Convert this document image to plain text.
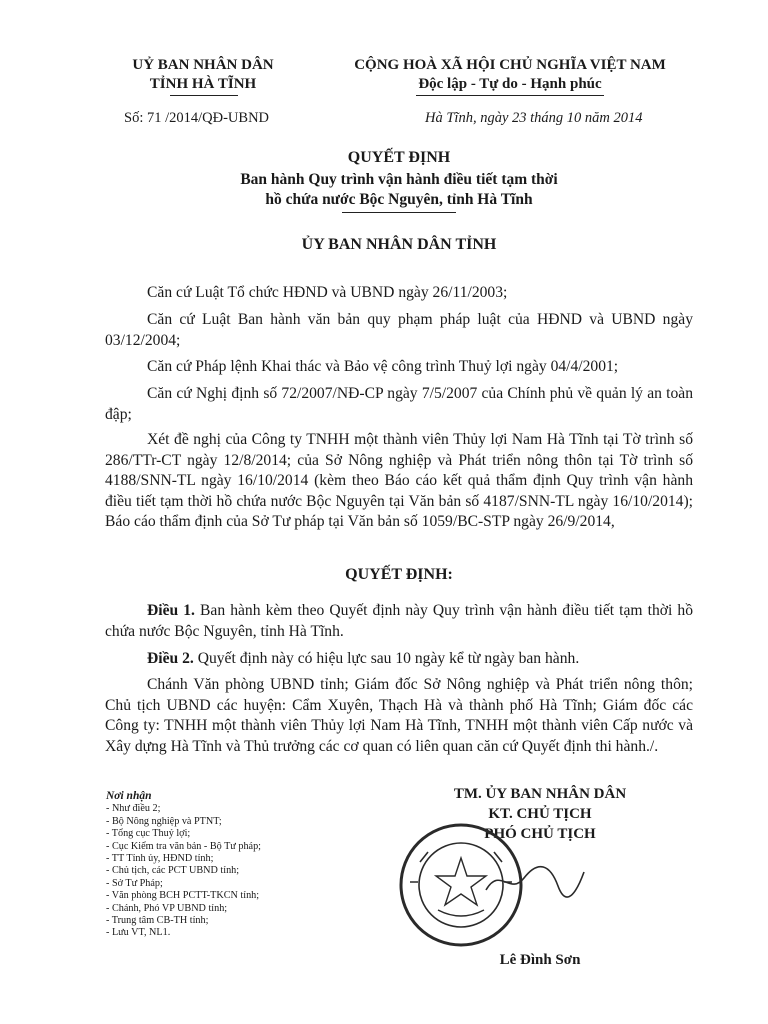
UỶ BAN NHÂN DÂN
TỈNH HÀ TĨNH
Số: 71 /2014/QĐ-UBND
CỘNG HOÀ XÃ HỘI CHỦ NGHĨA VIỆT NAM
Độc lập - Tự do - Hạnh phúc
Hà Tĩnh, ngày 23 tháng 10 năm 2014
QUYẾT ĐỊNH
Ban hành Quy trình vận hành điều tiết tạm thời
hồ chứa nước Bộc Nguyên, tỉnh Hà Tĩnh
ỦY BAN NHÂN DÂN TỈNH
Căn cứ Luật Tổ chức HĐND và UBND ngày 26/11/2003;
Căn cứ Luật Ban hành văn bản quy phạm pháp luật của HĐND và UBND ngày 03/12/2004;
Căn cứ Pháp lệnh Khai thác và Bảo vệ công trình Thuỷ lợi ngày 04/4/2001;
Căn cứ Nghị định số 72/2007/NĐ-CP ngày 7/5/2007 của Chính phủ về quản lý an toàn đập;
Xét đề nghị của Công ty TNHH một thành viên Thủy lợi Nam Hà Tĩnh tại Tờ trình số 286/TTr-CT ngày 12/8/2014; của Sở Nông nghiệp và Phát triển nông thôn tại Tờ trình số 4188/SNN-TL ngày 16/10/2014 (kèm theo Báo cáo kết quả thẩm định Quy trình vận hành điều tiết tạm thời hồ chứa nước Bộc Nguyên tại Văn bản số 4187/SNN-TL ngày 16/10/2014); Báo cáo thẩm định của Sở Tư pháp tại Văn bản số 1059/BC-STP ngày 26/9/2014,
QUYẾT ĐỊNH:
Điều 1. Ban hành kèm theo Quyết định này Quy trình vận hành điều tiết tạm thời hồ chứa nước Bộc Nguyên, tỉnh Hà Tĩnh.
Điều 2. Quyết định này có hiệu lực sau 10 ngày kể từ ngày ban hành.
Chánh Văn phòng UBND tỉnh; Giám đốc Sở Nông nghiệp và Phát triển nông thôn; Chủ tịch UBND các huyện: Cẩm Xuyên, Thạch Hà và thành phố Hà Tĩnh; Giám đốc các Công ty: TNHH một thành viên Thủy lợi Nam Hà Tĩnh, TNHH một thành viên Cấp nước và Xây dựng Hà Tĩnh và Thủ trưởng các cơ quan có liên quan căn cứ Quyết định thi hành./.
Nơi nhận
- Như điều 2;
- Bộ Nông nghiệp và PTNT;
- Tổng cục Thuỷ lợi;
- Cục Kiểm tra văn bản - Bộ Tư pháp;
- TT Tỉnh ủy, HĐND tỉnh;
- Chủ tịch, các PCT UBND tỉnh;
- Sở Tư Pháp;
- Văn phòng BCH PCTT-TKCN tỉnh;
- Chánh, Phó VP UBND tỉnh;
- Trung tâm CB-TH tỉnh;
- Lưu VT, NL1.
TM. ỦY BAN NHÂN DÂN
KT. CHỦ TỊCH
PHÓ CHỦ TỊCH
Lê Đình Sơn
